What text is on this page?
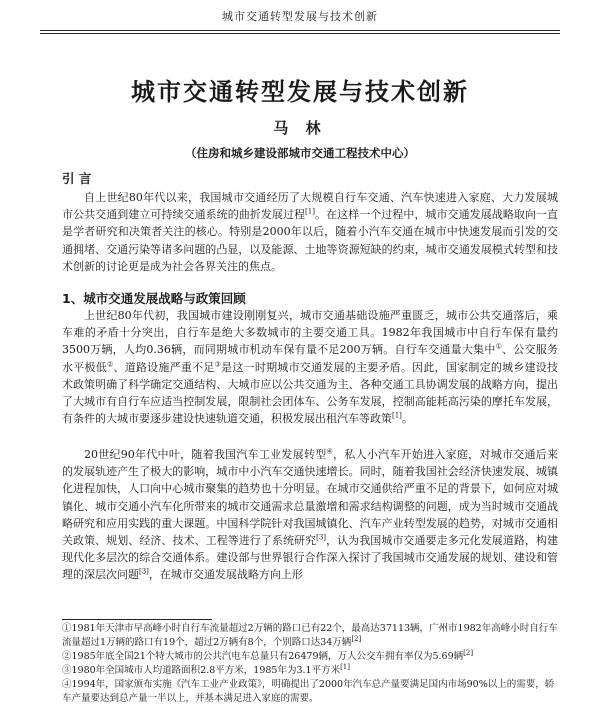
城市交通转型发展与技术创新
城市交通转型发展与技术创新
马 林
（住房和城乡建设部城市交通工程技术中心）
引 言

自上世纪80年代以来，我国城市交通经历了大规模自行车交通、汽车快速进入家庭、大力发展城市公共交通到建立可持续交通系统的曲折发展过程[1]。在这样一个过程中，城市交通发展战略取向一直是学者研究和决策者关注的核心。特别是2000年以后，随着小汽车交通在城市中快速发展而引发的交通拥堵、交通污染等诸多问题的凸显，以及能源、土地等资源短缺的约束，城市交通发展模式转型和技术创新的讨论更是成为社会各界关注的焦点。

1、城市交通发展战略与政策回顾

上世纪80年代初，我国城市建设刚刚复兴，城市交通基础设施严重匮乏，城市公共交通落后，乘车难的矛盾十分突出，自行车是绝大多数城市的主要交通工具。1982年我国城市中自行车保有量约3500万辆，人均0.36辆，而同期城市机动车保有量不足200万辆。自行车交通量大集中①、公交服务水平极低②、道路设施严重不足③是这一时期城市交通发展的主要矛盾。因此，国家制定的城乡建设技术政策明确了科学确定交通结构、大城市应以公共交通为主、各种交通工具协调发展的战略方向，提出了大城市有自行车应适当控制发展，限制社会团体车、公务车发展，控制高能耗高污染的摩托车发展，有条件的大城市要逐步建设快速轨道交通，积极发展出租汽车等政策[1]。

20世纪90年代中叶，随着我国汽车工业发展转型④，私人小汽车开始进入家庭，对城市交通后来的发展轨迹产生了极大的影响，城市中小汽车交通快速增长。同时，随着我国社会经济快速发展、城镇化进程加快，人口向中心城市聚集的趋势也十分明显。在城市交通供给严重不足的背景下，如何应对城镇化、城市交通小汽车化所带来的城市交通需求总量激增和需求结构调整的问题，成为当时城市交通战略研究和应用实践的重大课题。中国科学院针对我国城镇化、汽车产业转型发展的趋势，对城市交通相关政策、规划、经济、技术、工程等进行了系统研究[3]，认为我国城市交通要走多元化发展道路，构建现代化多层次的综合交通体系。建设部与世界银行合作深入探讨了我国城市交通发展的规划、建设和管理的深层次问题[3]，在城市交通发展战略方向上形

①1981年天津市早高峰小时自行车流量超过2万辆的路口已有22个，最高达37113辆，广州市1982年高峰小时自行车流量超过1万辆的路口有19个，超过2万辆有8个，个别路口达34万辆[2]

②1985年底全国21个特大城市的公共汽电车总量只有26479辆，万人公交车拥有率仅为5.69辆[2]

③1980年全国城市人均道路面积2.8平方米，1985年为3.1平方米[1]

④1994年，国家颁布实施《汽车工业产业政策》，明确提出了2000年汽车总产量要满足国内市场90%以上的需要，轿车产量要达到总产量一半以上，并基本满足进入家庭的需要。
